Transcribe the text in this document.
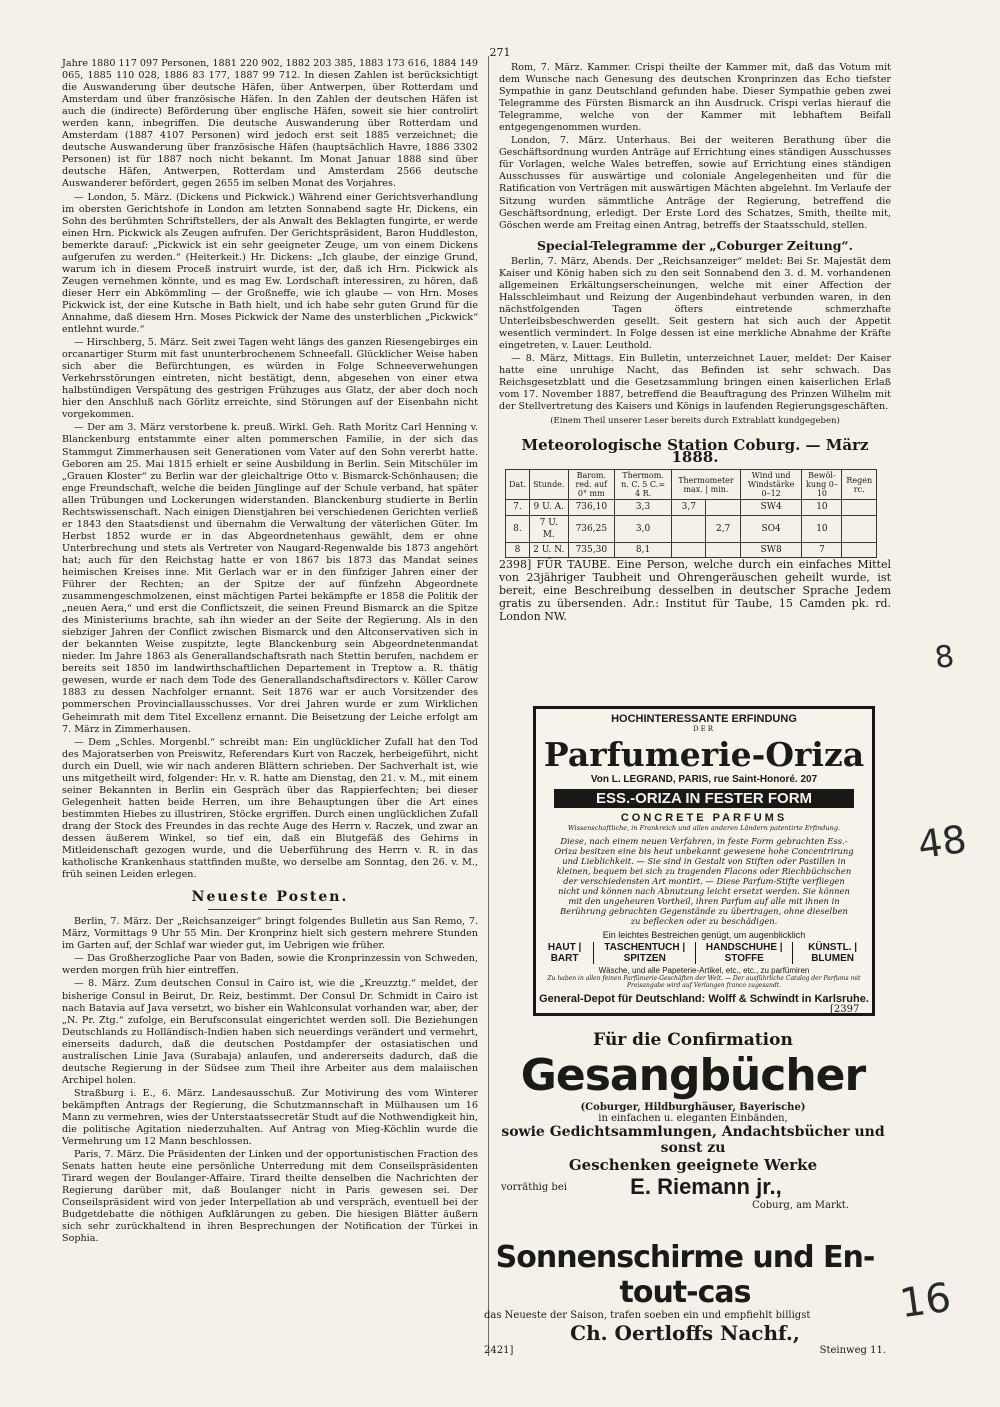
271

Jahre 1880 117 097 Personen, 1881 220 902, 1882 203 385, 1883 173 616, 1884 149 065, 1885 110 028, 1886 83 177, 1887 99 712. In diesen Zahlen ist berücksichtigt die Auswanderung über deutsche Häfen, über Antwerpen, über Rotterdam und Amsterdam und über französische Häfen. In den Zahlen der deutschen Häfen ist auch die (indirecte) Beförderung über englische Häfen, soweit sie hier controlirt werden kann, inbegriffen. Die deutsche Auswanderung über Rotterdam und Amsterdam (1887 4107 Personen) wird jedoch erst seit 1885 verzeichnet; die deutsche Auswanderung über französische Häfen (hauptsächlich Havre, 1886 3302 Personen) ist für 1887 noch nicht bekannt. Im Monat Januar 1888 sind über deutsche Häfen, Antwerpen, Rotterdam und Amsterdam 2566 deutsche Auswanderer befördert, gegen 2655 im selben Monat des Vorjahres.

— London, 5. März. (Dickens und Pickwick.) Während einer Gerichtsverhandlung im obersten Gerichtshofe in London am letzten Sonnabend sagte Hr. Dickens, ein Sohn des berühmten Schriftstellers, der als Anwalt des Beklagten fungirte, er werde einen Hrn. Pickwick als Zeugen aufrufen. Der Gerichtspräsident, Baron Huddleston, bemerkte darauf: „Pickwick ist ein sehr geeigneter Zeuge, um von einem Dickens aufgerufen zu werden.“ (Heiterkeit.) Hr. Dickens: „Ich glaube, der einzige Grund, warum ich in diesem Proceß instruirt wurde, ist der, daß ich Hrn. Pickwick als Zeugen vernehmen könnte, und es mag Ew. Lordschaft interessiren, zu hören, daß dieser Herr ein Abkömmling — der Großneffe, wie ich glaube — von Hrn. Moses Pickwick ist, der eine Kutsche in Bath hielt, und ich habe sehr guten Grund für die Annahme, daß diesem Hrn. Moses Pickwick der Name des unsterblichen „Pickwick“ entlehnt wurde.“

— Hirschberg, 5. März. Seit zwei Tagen weht längs des ganzen Riesengebirges ein orcanartiger Sturm mit fast ununterbrochenem Schneefall. Glücklicher Weise haben sich aber die Befürchtungen, es würden in Folge Schneeverwehungen Verkehrsstörungen eintreten, nicht bestätigt, denn, abgesehen von einer etwa halbstündigen Verspätung des gestrigen Frühzuges aus Glatz, der aber doch noch hier den Anschluß nach Görlitz erreichte, sind Störungen auf der Eisenbahn nicht vorgekommen.

— Der am 3. März verstorbene k. preuß. Wirkl. Geh. Rath Moritz Carl Henning v. Blanckenburg entstammte einer alten pommerschen Familie, in der sich das Stammgut Zimmerhausen seit Generationen vom Vater auf den Sohn vererbt hatte. Geboren am 25. Mai 1815 erhielt er seine Ausbildung in Berlin. Sein Mitschüler im „Grauen Kloster“ zu Berlin war der gleichaltrige Otto v. Bismarck-Schönhausen; die enge Freundschaft, welche die beiden Jünglinge auf der Schule verband, hat später allen Trübungen und Lockerungen widerstanden. Blanckenburg studierte in Berlin Rechtswissenschaft. Nach einigen Dienstjahren bei verschiedenen Gerichten verließ er 1843 den Staatsdienst und übernahm die Verwaltung der väterlichen Güter. Im Herbst 1852 wurde er in das Abgeordnetenhaus gewählt, dem er ohne Unterbrechung und stets als Vertreter von Naugard-Regenwalde bis 1873 angehört hat; auch für den Reichstag hatte er von 1867 bis 1873 das Mandat seines heimischen Kreises inne. Mit Gerlach war er in den fünfziger Jahren einer der Führer der Rechten; an der Spitze der auf fünfzehn Abgeordnete zusammengeschmolzenen, einst mächtigen Partei bekämpfte er 1858 die Politik der „neuen Aera,“ und erst die Conflictszeit, die seinen Freund Bismarck an die Spitze des Ministeriums brachte, sah ihn wieder an der Seite der Regierung. Als in den siebziger Jahren der Conflict zwischen Bismarck und den Altconservativen sich in der bekannten Weise zuspitzte, legte Blanckenburg sein Abgeordnetenmandat nieder. Im Jahre 1863 als Generallandschaftsrath nach Stettin berufen, nachdem er bereits seit 1850 im landwirthschaftlichen Departement in Treptow a. R. thätig gewesen, wurde er nach dem Tode des Generallandschaftsdirectors v. Köller Carow 1883 zu dessen Nachfolger ernannt. Seit 1876 war er auch Vorsitzender des pommerschen Provinciallausschusses. Vor drei Jahren wurde er zum Wirklichen Geheimrath mit dem Titel Excellenz ernannt. Die Beisetzung der Leiche erfolgt am 7. März in Zimmerhausen.

— Dem „Schles. Morgenbl.“ schreibt man: Ein unglücklicher Zufall hat den Tod des Majoratserben von Preiswitz, Referendars Kurt von Raczek, herbeigeführt, nicht durch ein Duell, wie wir nach anderen Blättern schrieben. Der Sachverhalt ist, wie uns mitgetheilt wird, folgender: Hr. v. R. hatte am Dienstag, den 21. v. M., mit einem seiner Bekannten in Berlin ein Gespräch über das Rappierfechten; bei dieser Gelegenheit hatten beide Herren, um ihre Behauptungen über die Art eines bestimmten Hiebes zu illustriren, Stöcke ergriffen. Durch einen unglücklichen Zufall drang der Stock des Freundes in das rechte Auge des Herrn v. Raczek, und zwar an dessen äußerem Winkel, so tief ein, daß ein Blutgefäß des Gehirns in Mitleidenschaft gezogen wurde, und die Ueberführung des Herrn v. R. in das katholische Krankenhaus stattfinden mußte, wo derselbe am Sonntag, den 26. v. M., früh seinen Leiden erlegen.

Neueste Posten.

Berlin, 7. März. Der „Reichsanzeiger“ bringt folgendes Bulletin aus San Remo, 7. März, Vormittags 9 Uhr 55 Min. Der Kronprinz hielt sich gestern mehrere Stunden im Garten auf, der Schlaf war wieder gut, im Uebrigen wie früher.

— Das Großherzogliche Paar von Baden, sowie die Kronprinzessin von Schweden, werden morgen früh hier eintreffen.

— 8. März. Zum deutschen Consul in Cairo ist, wie die „Kreuzztg.“ meldet, der bisherige Consul in Beirut, Dr. Reiz, bestimmt. Der Consul Dr. Schmidt in Cairo ist nach Batavia auf Java versetzt, wo bisher ein Wahlconsulat vorhanden war, aber, der „N. Pr. Ztg.“ zufolge, ein Berufsconsulat eingerichtet werden soll. Die Beziehungen Deutschlands zu Holländisch-Indien haben sich neuerdings verändert und vermehrt, einerseits dadurch, daß die deutschen Postdampfer der ostasiatischen und australischen Linie Java (Surabaja) anlaufen, und andererseits dadurch, daß die deutsche Regierung in der Südsee zum Theil ihre Arbeiter aus dem malaiischen Archipel holen.

Straßburg i. E., 6. März. Landesausschuß. Zur Motivirung des vom Winterer bekämpften Antrags der Regierung, die Schutzmannschaft in Mülhausen um 16 Mann zu vermehren, wies der Unterstaatssecretär Studt auf die Nothwendigkeit hin, die politische Agitation niederzuhalten. Auf Antrag von Mieg-Köchlin wurde die Vermehrung um 12 Mann beschlossen.

Paris, 7. März. Die Präsidenten der Linken und der opportunistischen Fraction des Senats hatten heute eine persönliche Unterredung mit dem Conseilspräsidenten Tirard wegen der Boulanger-Affaire. Tirard theilte denselben die Nachrichten der Regierung darüber mit, daß Boulanger nicht in Paris gewesen sei. Der Conseilspräsident wird von jeder Interpellation ab und verspräch, eventuell bei der Budgetdebatte die nöthigen Aufklärungen zu geben. Die hiesigen Blätter äußern sich sehr zurückhaltend in ihren Besprechungen der Notification der Türkei in Sophia.

Rom, 7. März. Kammer. Crispi theilte der Kammer mit, daß das Votum mit dem Wunsche nach Genesung des deutschen Kronprinzen das Echo tiefster Sympathie in ganz Deutschland gefunden habe. Dieser Sympathie geben zwei Telegramme des Fürsten Bismarck an ihn Ausdruck. Crispi verlas hierauf die Telegramme, welche von der Kammer mit lebhaftem Beifall entgegengenommen wurden.

London, 7. März. Unterhaus. Bei der weiteren Berathung über die Geschäftsordnung wurden Anträge auf Errichtung eines ständigen Ausschusses für Vorlagen, welche Wales betreffen, sowie auf Errichtung eines ständigen Ausschusses für auswärtige und coloniale Angelegenheiten und für die Ratification von Verträgen mit auswärtigen Mächten abgelehnt. Im Verlaufe der Sitzung wurden sämmtliche Anträge der Regierung, betreffend die Geschäftsordnung, erledigt. Der Erste Lord des Schatzes, Smith, theilte mit, Göschen werde am Freitag einen Antrag, betreffs der Staatsschuld, stellen.

Special-Telegramme der „Coburger Zeitung“.

Berlin, 7. März, Abends. Der „Reichsanzeiger“ meldet: Bei Sr. Majestät dem Kaiser und König haben sich zu den seit Sonnabend den 3. d. M. vorhandenen allgemeinen Erkältungserscheinungen, welche mit einer Affection der Halsschleimhaut und Reizung der Augenbindehaut verbunden waren, in den nächstfolgenden Tagen öfters eintretende schmerzhafte Unterleibsbeschwerden gesellt. Seit gestern hat sich auch der Appetit wesentlich vermindert. In Folge dessen ist eine merkliche Abnahme der Kräfte eingetreten, v. Lauer. Leuthold.

— 8. März, Mittags. Ein Bulletin, unterzeichnet Lauer, meldet: Der Kaiser hatte eine unruhige Nacht, das Befinden ist sehr schwach. Das Reichsgesetzblatt und die Gesetzsammlung bringen einen kaiserlichen Erlaß vom 17. November 1887, betreffend die Beauftragung des Prinzen Wilhelm mit der Stellvertretung des Kaisers und Königs in laufenden Regierungsgeschäften.

(Einem Theil unserer Leser bereits durch Extrablatt kundgegeben)
Meteorologische Station Coburg. — März 1888.
Dat.	Stunde.	Barom. red. auf 0° mm	Thermom. n. C. 5 C.= 4 R.	Thermometer max. | min.		Wind und Windstärke 0–12	Bewöl-kung 0–10	Regen rc.
7.	9 U. A.	736,10	3,3	3,7		SW4	10	
8.	7 U. M.	736,25	3,0		2,7	SO4	10	
8	2 U. N.	735,30	8,1			SW8	7	

2398] FÜR TAUBE. Eine Person, welche durch ein einfaches Mittel von 23jähriger Taubheit und Ohrengeräuschen geheilt wurde, ist bereit, eine Beschreibung desselben in deutscher Sprache Jedem gratis zu übersenden. Adr.: Institut für Taube, 15 Camden pk. rd. London NW.

HOCHINTERESSANTE ERFINDUNG
DER
Parfumerie-Oriza
Von L. LEGRAND, PARIS, rue Saint-Honoré. 207
ESS.-ORIZA IN FESTER FORM
CONCRETE PARFUMS
Wissenschaftliche, in Frankreich und allen anderen Ländern patentirte Erfindung.
Diese, nach einem neuen Verfahren, in feste Form gebrachten Ess.-Oriza besitzen eine bis heut unbekannt gewesene hohe Concentrirung und Lieblichkeit. — Sie sind in Gestalt von Stiften oder Pastillen in kleinen, bequem bei sich zu tragenden Flacons oder Riechbüchschen der verschiedensten Art montirt. — Diese Parfum-Stifte verfliegen nicht und können nach Abnutzung leicht ersetzt werden. Sie können mit den ungeheuren Vortheil, ihren Parfum auf alle mit ihnen in Berührung gebrachten Gegenstände zu übertragen, ohne dieselben zu beflecken oder zu beschädigen.
Ein leichtes Bestreichen genügt, um augenblicklich
HAUT | BART
TASCHENTUCH | SPITZEN
HANDSCHUHE | STOFFE
KÜNSTL. | BLUMEN
Wäsche, und alle Papeterie-Artikel, etc., etc., zu parfümiren
Zu haben in allen feinen Parfümerie-Geschäften der Welt. — Der ausführliche Catalog der Parfums mit Preisangabe wird auf Verlangen franco zugesandt.
General-Depot für Deutschland: Wolff & Schwindt in Karlsruhe.
[2397
Für die Confirmation
Gesangbücher
(Coburger, Hildburghäuser, Bayerische)
in einfachen u. eleganten Einbänden,
sowie Gedichtsammlungen, Andachtsbücher und sonst zu
Geschenken geeignete Werke
vorräthig bei	E. Riemann jr.,
Coburg, am Markt.
Sonnenschirme und En-tout-cas
das Neueste der Saison, trafen soeben ein und empfiehlt billigst
Ch. Oertloffs Nachf.,
2421]	Steinweg 11.
8
48
16
